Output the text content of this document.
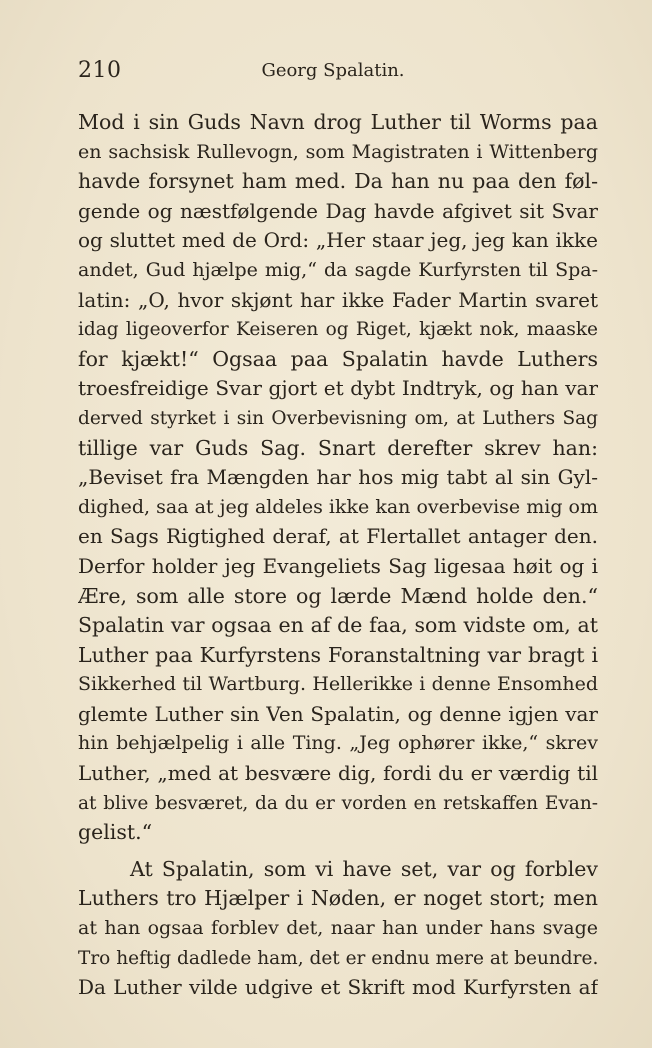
210	Georg Spalatin.
Mod i sin Guds Navn drog Luther til Worms paa
en sachsisk Rullevogn, som Magistraten i Wittenberg
havde forsynet ham med. Da han nu paa den føl-
gende og næstfølgende Dag havde afgivet sit Svar
og sluttet med de Ord: „Her staar jeg, jeg kan ikke
andet, Gud hjælpe mig,“ da sagde Kurfyrsten til Spa-
latin: „O, hvor skjønt har ikke Fader Martin svaret
idag ligeoverfor Keiseren og Riget, kjækt nok, maaske
for kjækt!“ Ogsaa paa Spalatin havde Luthers
troesfreidige Svar gjort et dybt Indtryk, og han var
derved styrket i sin Overbevisning om, at Luthers Sag
tillige var Guds Sag. Snart derefter skrev han:
„Beviset fra Mængden har hos mig tabt al sin Gyl-
dighed, saa at jeg aldeles ikke kan overbevise mig om
en Sags Rigtighed deraf, at Flertallet antager den.
Derfor holder jeg Evangeliets Sag ligesaa høit og i
Ære, som alle store og lærde Mænd holde den.“
Spalatin var ogsaa en af de faa, som vidste om, at
Luther paa Kurfyrstens Foranstaltning var bragt i
Sikkerhed til Wartburg. Hellerikke i denne Ensomhed
glemte Luther sin Ven Spalatin, og denne igjen var
hin behjælpelig i alle Ting. „Jeg ophører ikke,“ skrev
Luther, „med at besvære dig, fordi du er værdig til
at blive besværet, da du er vorden en retskaffen Evan-
gelist.“
At Spalatin, som vi have set, var og forblev
Luthers tro Hjælper i Nøden, er noget stort; men
at han ogsaa forblev det, naar han under hans svage
Tro heftig dadlede ham, det er endnu mere at beundre.
Da Luther vilde udgive et Skrift mod Kurfyrsten af
